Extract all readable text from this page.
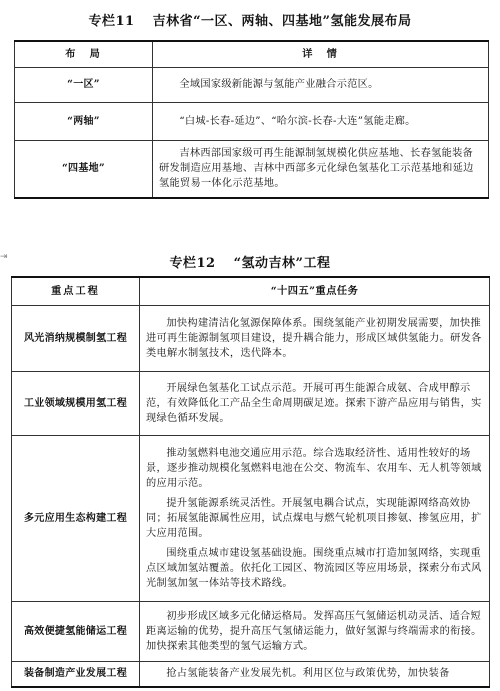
专栏11 吉林省“一区、两轴、四基地”氢能发展布局
布　局	详　情
“一区”	全域国家级新能源与氢能产业融合示范区。
“两轴”	“白城-长春-延边”、“哈尔滨-长春-大连”氢能走廊。
“四基地”	吉林西部国家级可再生能源制氢规模化供应基地、长春氢能装备研发制造应用基地、吉林中西部多元化绿色氢基化工示范基地和延边氢能贸易一体化示范基地。
⇥	专栏12 “氢动吉林”工程
重点工程	“十四五”重点任务
风光消纳规模制氢工程	加快构建清洁化氢源保障体系。围绕氢能产业初期发展需要，加快推进可再生能源制氢项目建设，提升耦合能力，形成区域供氢能力。研发各类电解水制氢技术，迭代降本。
工业领域规模用氢工程	开展绿色氢基化工试点示范。开展可再生能源合成氨、合成甲醇示范，有效降低化工产品全生命周期碳足迹。探索下游产品应用与销售，实现绿色循环发展。
多元应用生态构建工程	推动氢燃料电池交通应用示范。综合选取经济性、适用性较好的场景，逐步推动规模化氢燃料电池在公交、物流车、农用车、无人机等领域的应用示范。

提升氢能源系统灵活性。开展氢电耦合试点，实现能源网络高效协同；拓展氢能源属性应用，试点煤电与燃气轮机项目掺氨、掺氢应用，扩大应用范围。

围绕重点城市建设氢基础设施。围绕重点城市打造加氢网络，实现重点区域加氢站覆盖。依托化工园区、物流园区等应用场景，探索分布式风光制氢加氢一体站等技术路线。

高效便捷氢能储运工程	初步形成区域多元化储运格局。发挥高压气氢储运机动灵活、适合短距离运输的优势，提升高压气氢储运能力，做好氢源与终端需求的衔接。加快探索其他类型的氢气运输方式。
装备制造产业发展工程	抢占氢能装备产业发展先机。利用区位与政策优势，加快装备
